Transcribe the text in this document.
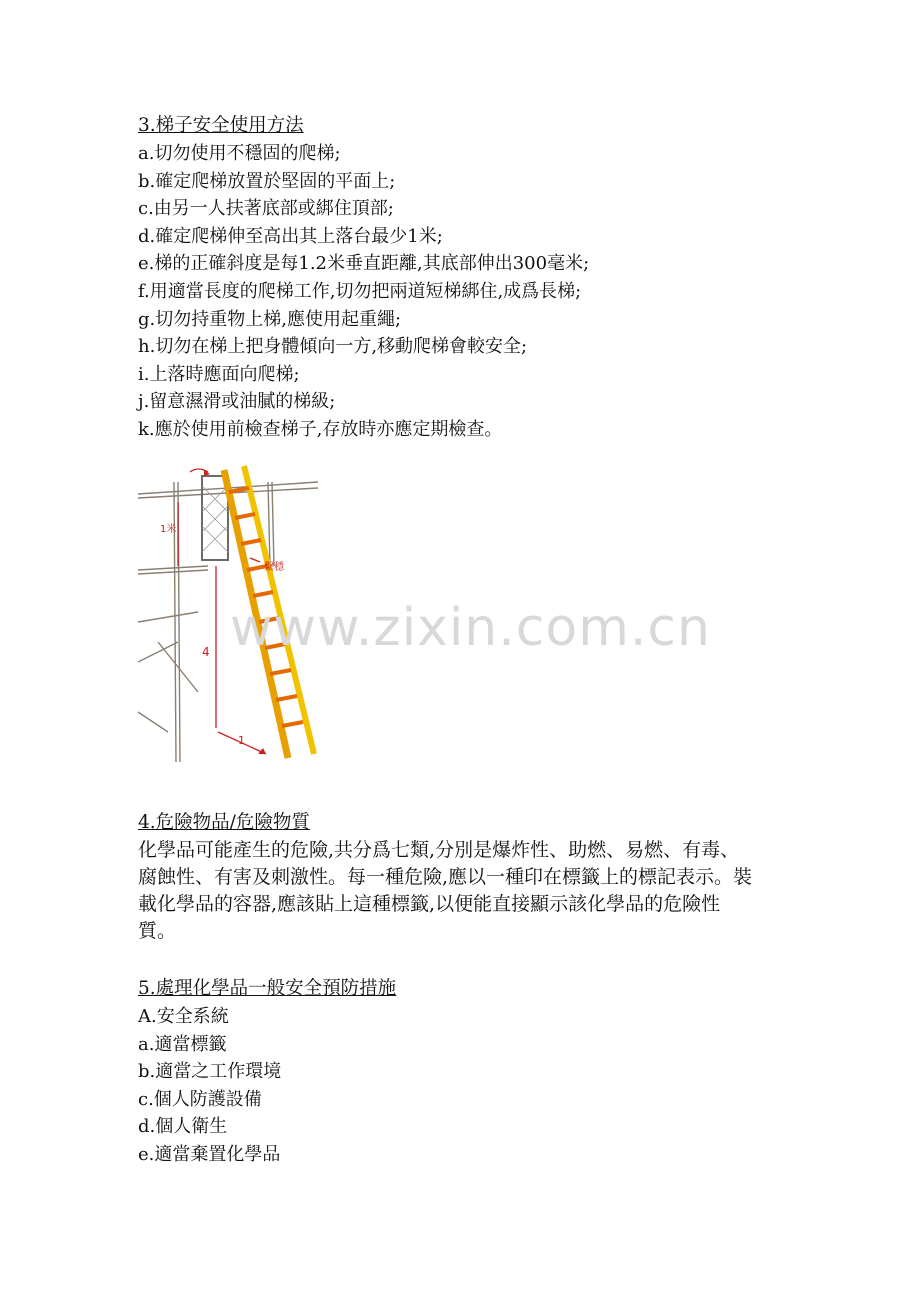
3.梯子安全使用方法

a.切勿使用不穩固的爬梯;

b.確定爬梯放置於堅固的平面上;

c.由另一人扶著底部或綁住頂部;

d.確定爬梯伸至高出其上落台最少1米;

e.梯的正確斜度是每1.2米垂直距離,其底部伸出300毫米;

f.用適當長度的爬梯工作,切勿把兩道短梯綁住,成爲長梯;

g.切勿持重物上梯,應使用起重繩;

h.切勿在梯上把身體傾向一方,移動爬梯會較安全;

i.上落時應面向爬梯;

j.留意濕滑或油膩的梯級;

k.應於使用前檢查梯子,存放時亦應定期檢查。

1米
4
1
繫穩
www.zixin.com.cn

4.危險物品/危險物質

化學品可能產生的危險,共分爲七類,分別是爆炸性、助燃、易燃、有毒、

腐蝕性、有害及刺激性。每一種危險,應以一種印在標籤上的標記表示。裝

載化學品的容器,應該貼上這種標籤,以便能直接顯示該化學品的危險性

質。

5.處理化學品一般安全預防措施

A.安全系統

a.適當標籤

b.適當之工作環境

c.個人防護設備

d.個人衛生

e.適當棄置化學品
